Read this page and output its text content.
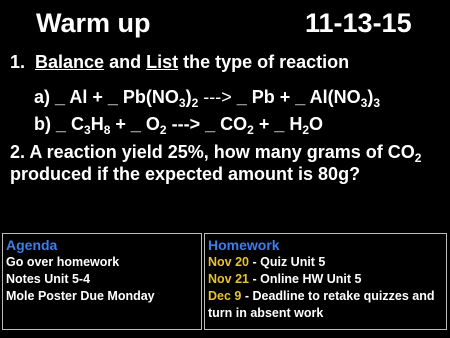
Warm up	11-13-15
1. Balance and List the type of reaction
a) _ Al + _ $Pb(NO_3)_2$ ---> _ Pb + _ $Al(NO_3)_3$
b) _ $C_3H_8$ + _ $O_2$ ---> _ $CO_2$ + _ $H_2O$
2. A reaction yield 25%, how many grams of $CO_2$ produced if the expected amount is 80g?
Agenda
Go over homework
Notes Unit 5-4
Mole Poster Due Monday
Homework
Nov 20 - Quiz Unit 5
Nov 21 - Online HW Unit 5
Dec 9 - Deadline to retake quizzes and turn in absent work
